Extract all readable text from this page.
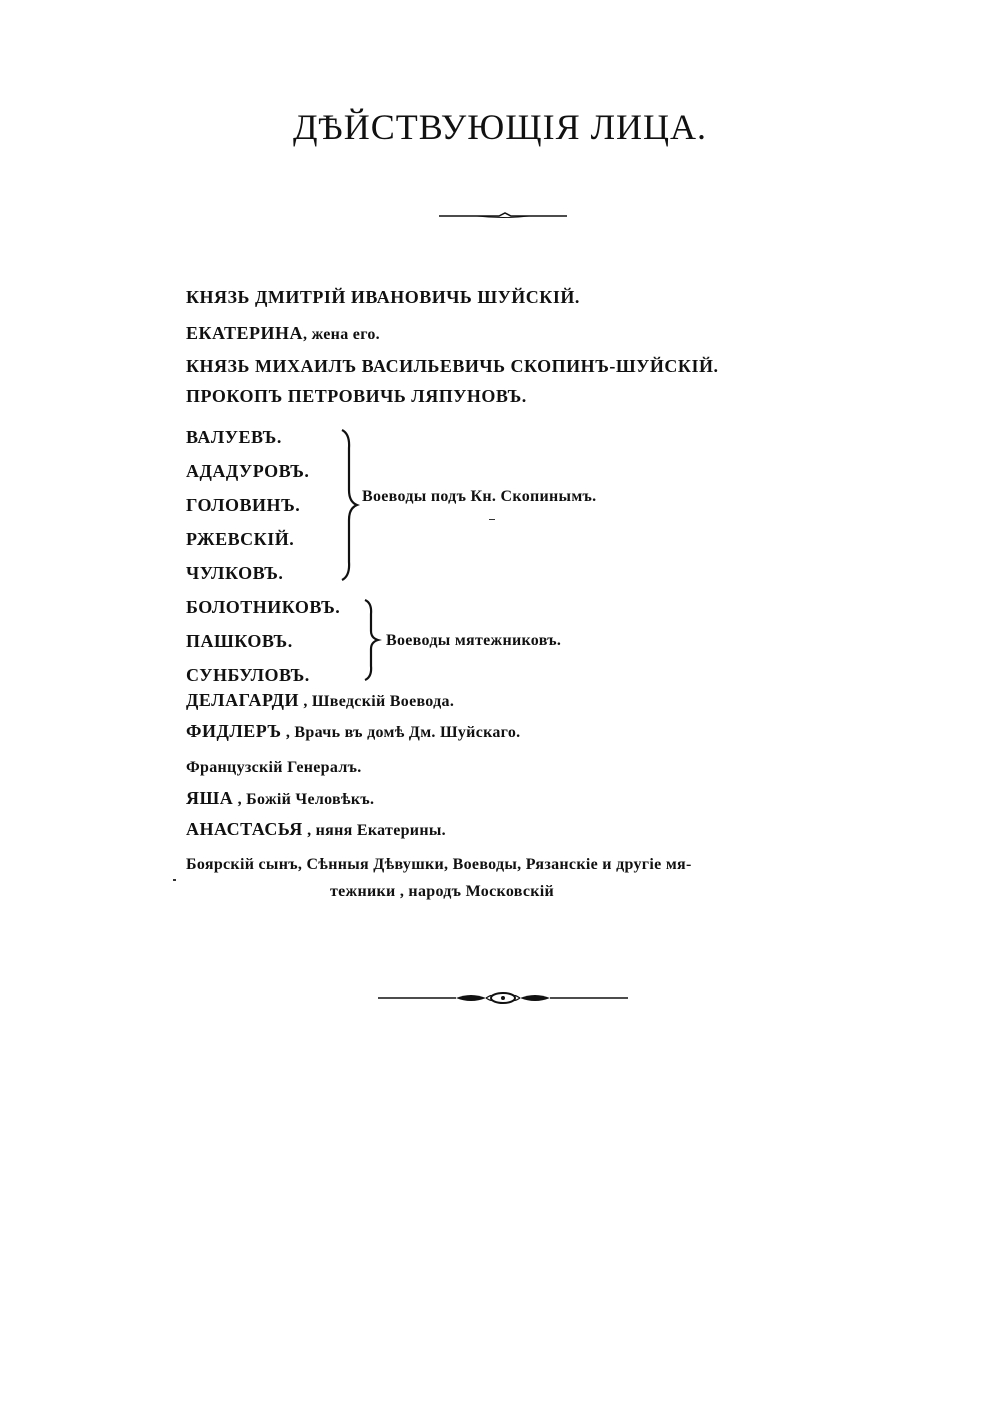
ДѢЙСТВУЮЩІЯ ЛИЦА.
КНЯЗЬ ДМИТРІЙ ИВАНОВИЧЬ ШУЙСКІЙ.
ЕКАТЕРИНА, жена его.
КНЯЗЬ МИХАИЛЪ ВАСИЛЬЕВИЧЬ СКОПИНЪ-ШУЙСКІЙ.
ПРОКОПЪ ПЕТРОВИЧЬ ЛЯПУНОВЪ.
ВАЛУЕВЪ.
АДАДУРОВЪ.
ГОЛОВИНЪ.
РЖЕВСКІЙ.
ЧУЛКОВЪ.
Воеводы подъ Кн. Скопинымъ.
БОЛОТНИКОВЪ.
ПАШКОВЪ.
СУНБУЛОВЪ.
Воеводы мятежниковъ.
ДЕЛАГАРДИ , Шведскій Воевода.
ФИДЛЕРЪ , Врачь въ домѣ Дм. Шуйскаго.
Французскій Генералъ.
ЯША , Божій Человѣкъ.
АНАСТАСЬЯ , няня Екатерины.
Боярскій сынъ, Сѣнныя Дѣвушки, Воеводы, Рязанскіе и другіе мя-
тежники , народъ Московскій
